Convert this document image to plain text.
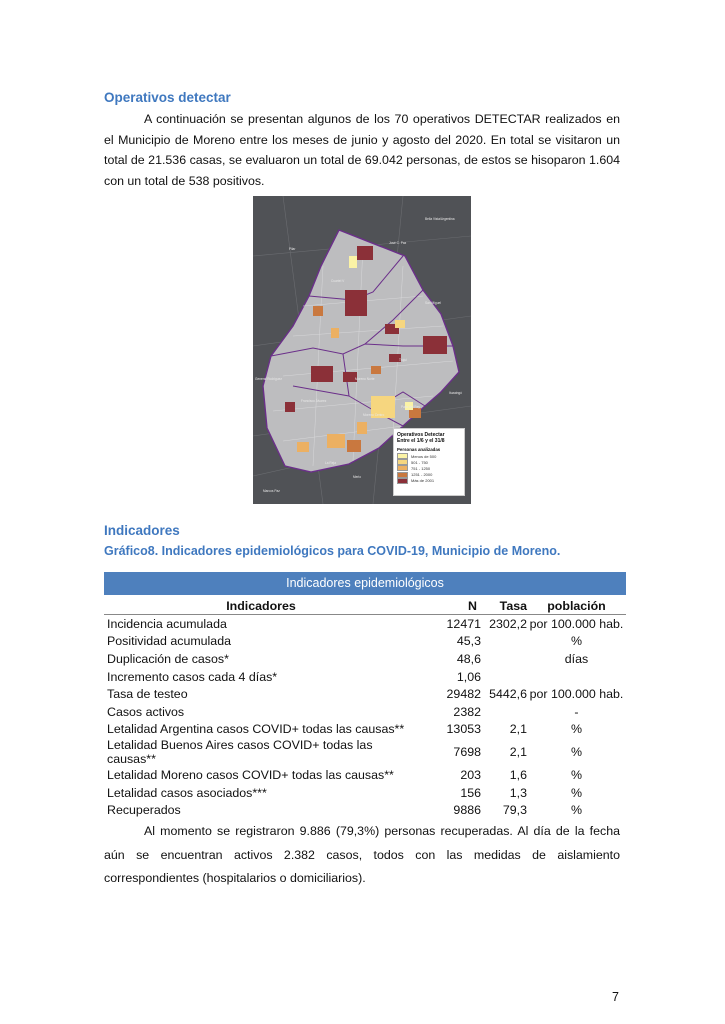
Operativos detectar

A continuación se presentan algunos de los 70 operativos DETECTAR realizados en el Municipio de Moreno entre los meses de junio y agosto del 2020. En total se visitaron un total de 21.536 casas, se evaluaron un total de 69.042 personas, de estos se hisoparon 1.604 con un total de 538 positivos.

Bella Vista/Argentina
Pilar
José C. Paz
Cuartel V
San Miguel
General Rodríguez	Moreno Norte
Trujui
Francisco Álvarez
Ituzaingó
Paso del Rey
Moreno Centro
La Reja
Marcos Paz
Merlo
Operativos Detectar
Entre el 1/6 y el 31/8
Personas analizadas
Menos de 500
501 - 750
751 - 1250
1251 - 2000
Más de 2001
Indicadores
Gráfico8. Indicadores epidemiológicos para COVID-19, Municipio de Moreno.
Indicadores epidemiológicos
Indicadores	N	Tasa	población
Incidencia acumulada	12471	2302,2	por 100.000 hab.
Positividad acumulada	45,3		%
Duplicación de casos*	48,6		días
Incremento casos cada 4 días*	1,06		
Tasa de testeo	29482	5442,6	por 100.000 hab.
Casos activos	2382		-
Letalidad Argentina casos COVID+ todas las causas**	13053	2,1	%
Letalidad Buenos Aires casos COVID+ todas las causas**	7698	2,1	%
Letalidad Moreno casos COVID+ todas las causas**	203	1,6	%
Letalidad casos asociados***	156	1,3	%
Recuperados	9886	79,3	%

Al momento se registraron 9.886 (79,3%) personas recuperadas. Al día de la fecha aún se encuentran activos 2.382 casos, todos con las medidas de aislamiento correspondientes (hospitalarios o domiciliarios).

7
